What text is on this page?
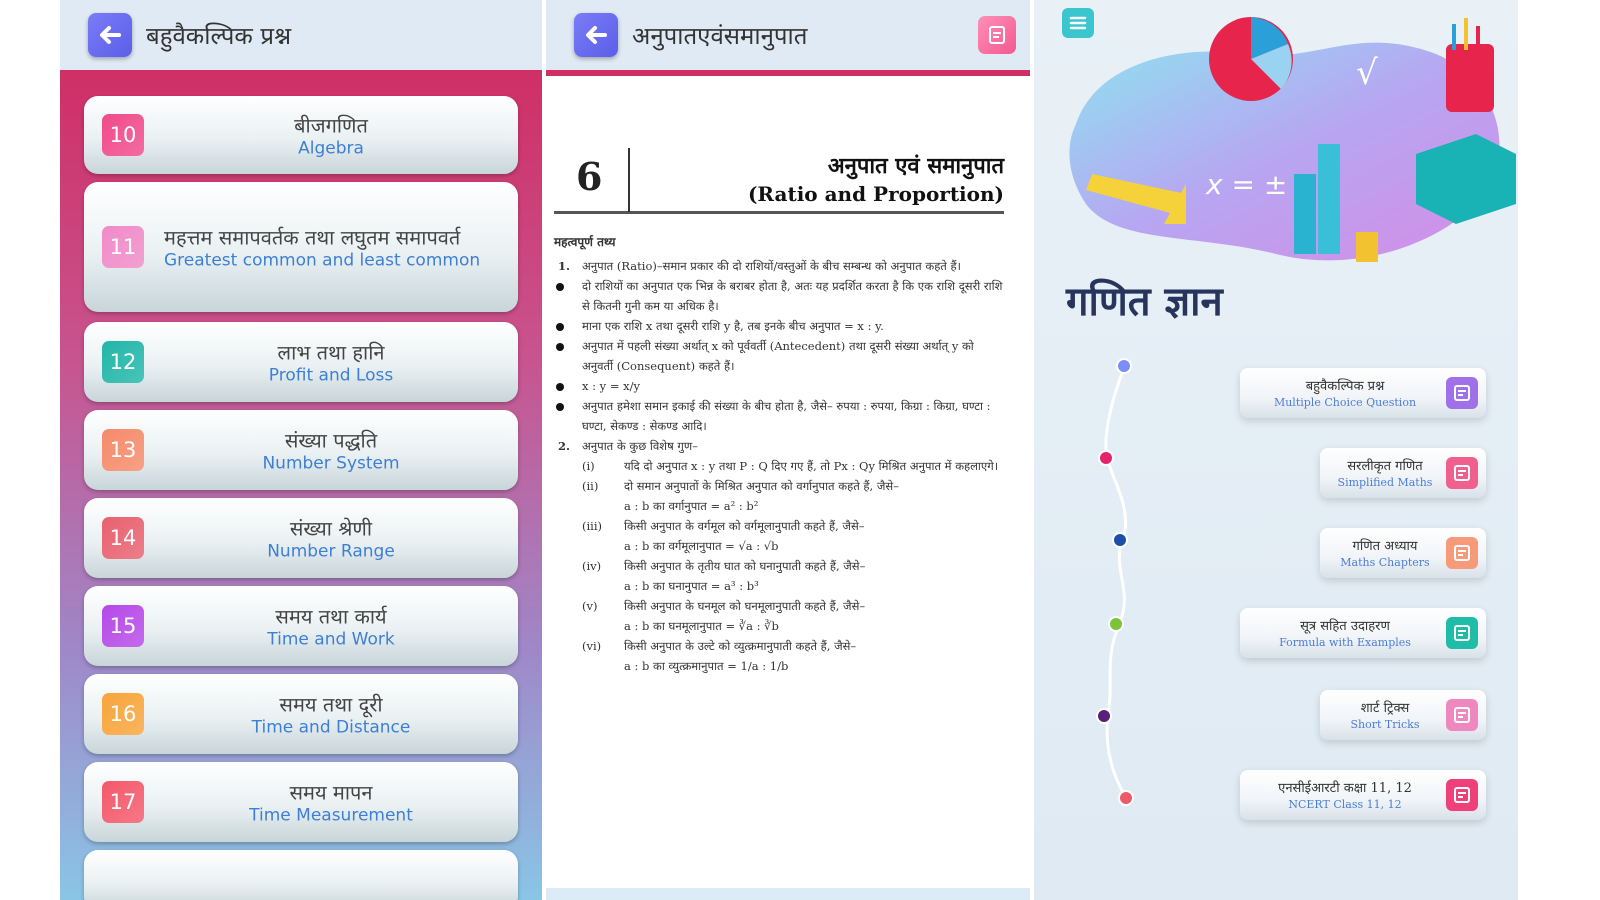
बहुवैकल्पिक प्रश्न
10	बीजगणित
Algebra
11	महत्तम समापवर्तक तथा लघुतम समापवर्त
Greatest common and least common
12	लाभ तथा हानि
Profit and Loss
13	संख्या पद्धति
Number System
14	संख्या श्रेणी
Number Range
15	समय तथा कार्य
Time and Work
16	समय तथा दूरी
Time and Distance
17	समय मापन
Time Measurement
अनुपातएवंसमानुपात
6	अनुपात एवं समानुपात
(Ratio and Proportion)
महत्वपूर्ण तथ्य
1. अनुपात (Ratio)–समान प्रकार की दो राशियों/वस्तुओं के बीच सम्बन्ध को अनुपात कहते हैं।
दो राशियों का अनुपात एक भिन्न के बराबर होता है, अतः यह प्रदर्शित करता है कि एक राशि दूसरी राशि से कितनी गुनी कम या अधिक है।
माना एक राशि x तथा दूसरी राशि y है, तब इनके बीच अनुपात = x : y.
अनुपात में पहली संख्या अर्थात् x को पूर्ववर्ती (Antecedent) तथा दूसरी संख्या अर्थात् y को अनुवर्ती (Consequent) कहते हैं।
x : y = x/y
अनुपात हमेशा समान इकाई की संख्या के बीच होता है, जैसे– रुपया : रुपया, किग्रा : किग्रा, घण्टा : घण्टा, सेकण्ड : सेकण्ड आदि।
2. अनुपात के कुछ विशेष गुण–
(i)	यदि दो अनुपात x : y तथा P : Q दिए गए हैं, तो Px : Qy मिश्रित अनुपात में कहलाएगे।
(ii) दो समान अनुपातों के मिश्रित अनुपात को वर्गानुपात कहते हैं, जैसे–
a : b का वर्गानुपात = a² : b²
(iii) किसी अनुपात के वर्गमूल को वर्गमूलानुपाती कहते हैं, जैसे–
a : b का वर्गमूलानुपात = √a : √b
(iv) किसी अनुपात के तृतीय घात को घनानुपाती कहते हैं, जैसे–
a : b का घनानुपात = a³ : b³
(v) किसी अनुपात के घनमूल को घनमूलानुपाती कहते हैं, जैसे–
a : b का घनमूलानुपात = ∛a : ∛b
(vi) किसी अनुपात के उल्टे को व्युत्क्रमानुपाती कहते हैं, जैसे–
a : b का व्युत्क्रमानुपात = 1/a : 1/b
x = ±
√
गणित ज्ञान
बहुवैकल्पिक प्रश्न
Multiple Choice Question
सरलीकृत गणित
Simplified Maths
गणित अध्याय
Maths Chapters
सूत्र सहित उदाहरण
Formula with Examples
शार्ट ट्रिक्स
Short Tricks
एनसीईआरटी कक्षा 11, 12
NCERT Class 11, 12
